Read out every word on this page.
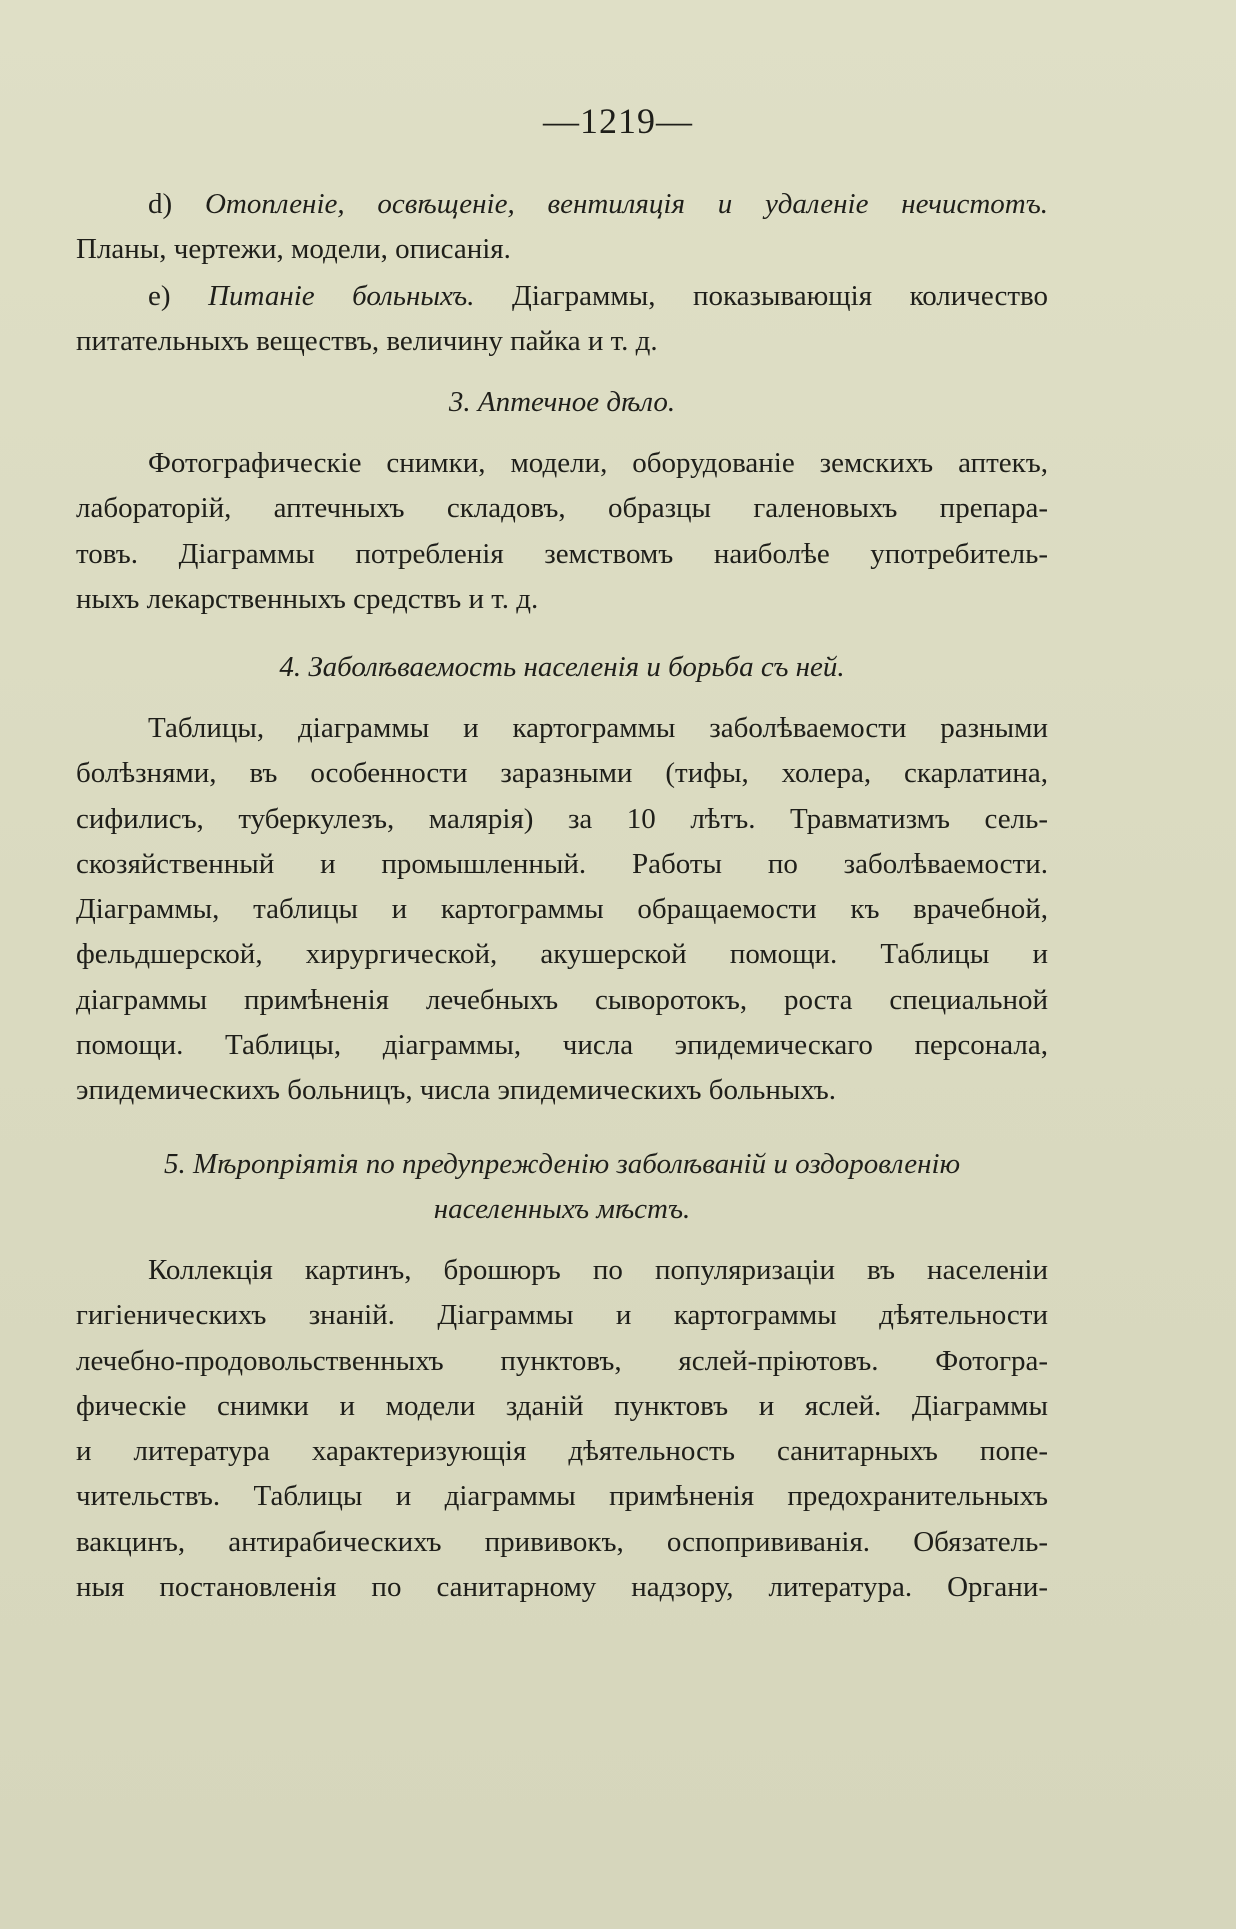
—1219—
d) Отопленіе, освѣщеніе, вентиляція и удаленіе нечистотъ.
Планы, чертежи, модели, описанія.
e) Питаніе больныхъ. Діаграммы, показывающія количество
питательныхъ веществъ, величину пайка и т. д.
3. Аптечное дѣло.
Фотографическіе снимки, модели, оборудованіе земскихъ аптекъ,
лабораторій, аптечныхъ складовъ, образцы галеновыхъ препара-
товъ. Діаграммы потребленія земствомъ наиболѣе употребитель-
ныхъ лекарственныхъ средствъ и т. д.
4. Заболѣваемость населенія и борьба съ ней.
Таблицы, діаграммы и картограммы заболѣваемости разными
болѣзнями, въ особенности заразными (тифы, холера, скарлатина,
сифилисъ, туберкулезъ, малярія) за 10 лѣтъ. Травматизмъ сель-
скозяйственный и промышленный. Работы по заболѣваемости.
Діаграммы, таблицы и картограммы обращаемости къ врачебной,
фельдшерской, хирургической, акушерской помощи. Таблицы и
діаграммы примѣненія лечебныхъ сыворотокъ, роста специальной
помощи. Таблицы, діаграммы, числа эпидемическаго персонала,
эпидемическихъ больницъ, числа эпидемическихъ больныхъ.
5. Мѣропріятія по предупрежденію заболѣваній и оздоровленію
населенныхъ мѣстъ.
Коллекція картинъ, брошюръ по популяризаціи въ населеніи
гигіеническихъ знаній. Діаграммы и картограммы дѣятельности
лечебно-продовольственныхъ пунктовъ, яслей-пріютовъ. Фотогра-
фическіе снимки и модели зданій пунктовъ и яслей. Діаграммы
и литература характеризующія дѣятельность санитарныхъ попе-
чительствъ. Таблицы и діаграммы примѣненія предохранительныхъ
вакцинъ, антирабическихъ прививокъ, оспопрививанія. Обязатель-
ныя постановленія по санитарному надзору, литература. Органи-
